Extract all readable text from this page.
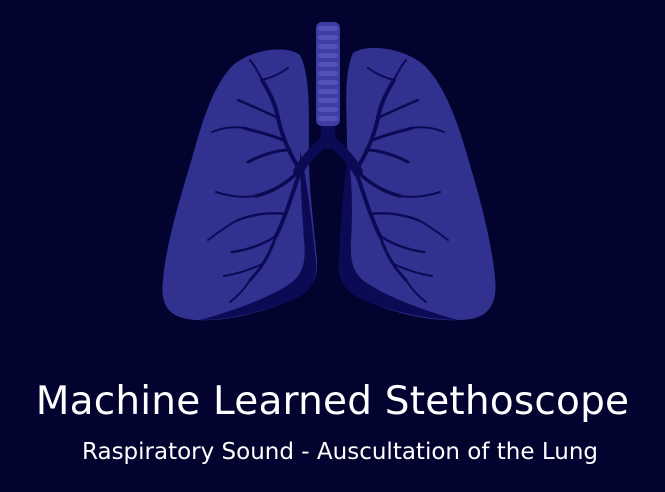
Machine Learned Stethoscope
Raspiratory Sound - Auscultation of the Lung
